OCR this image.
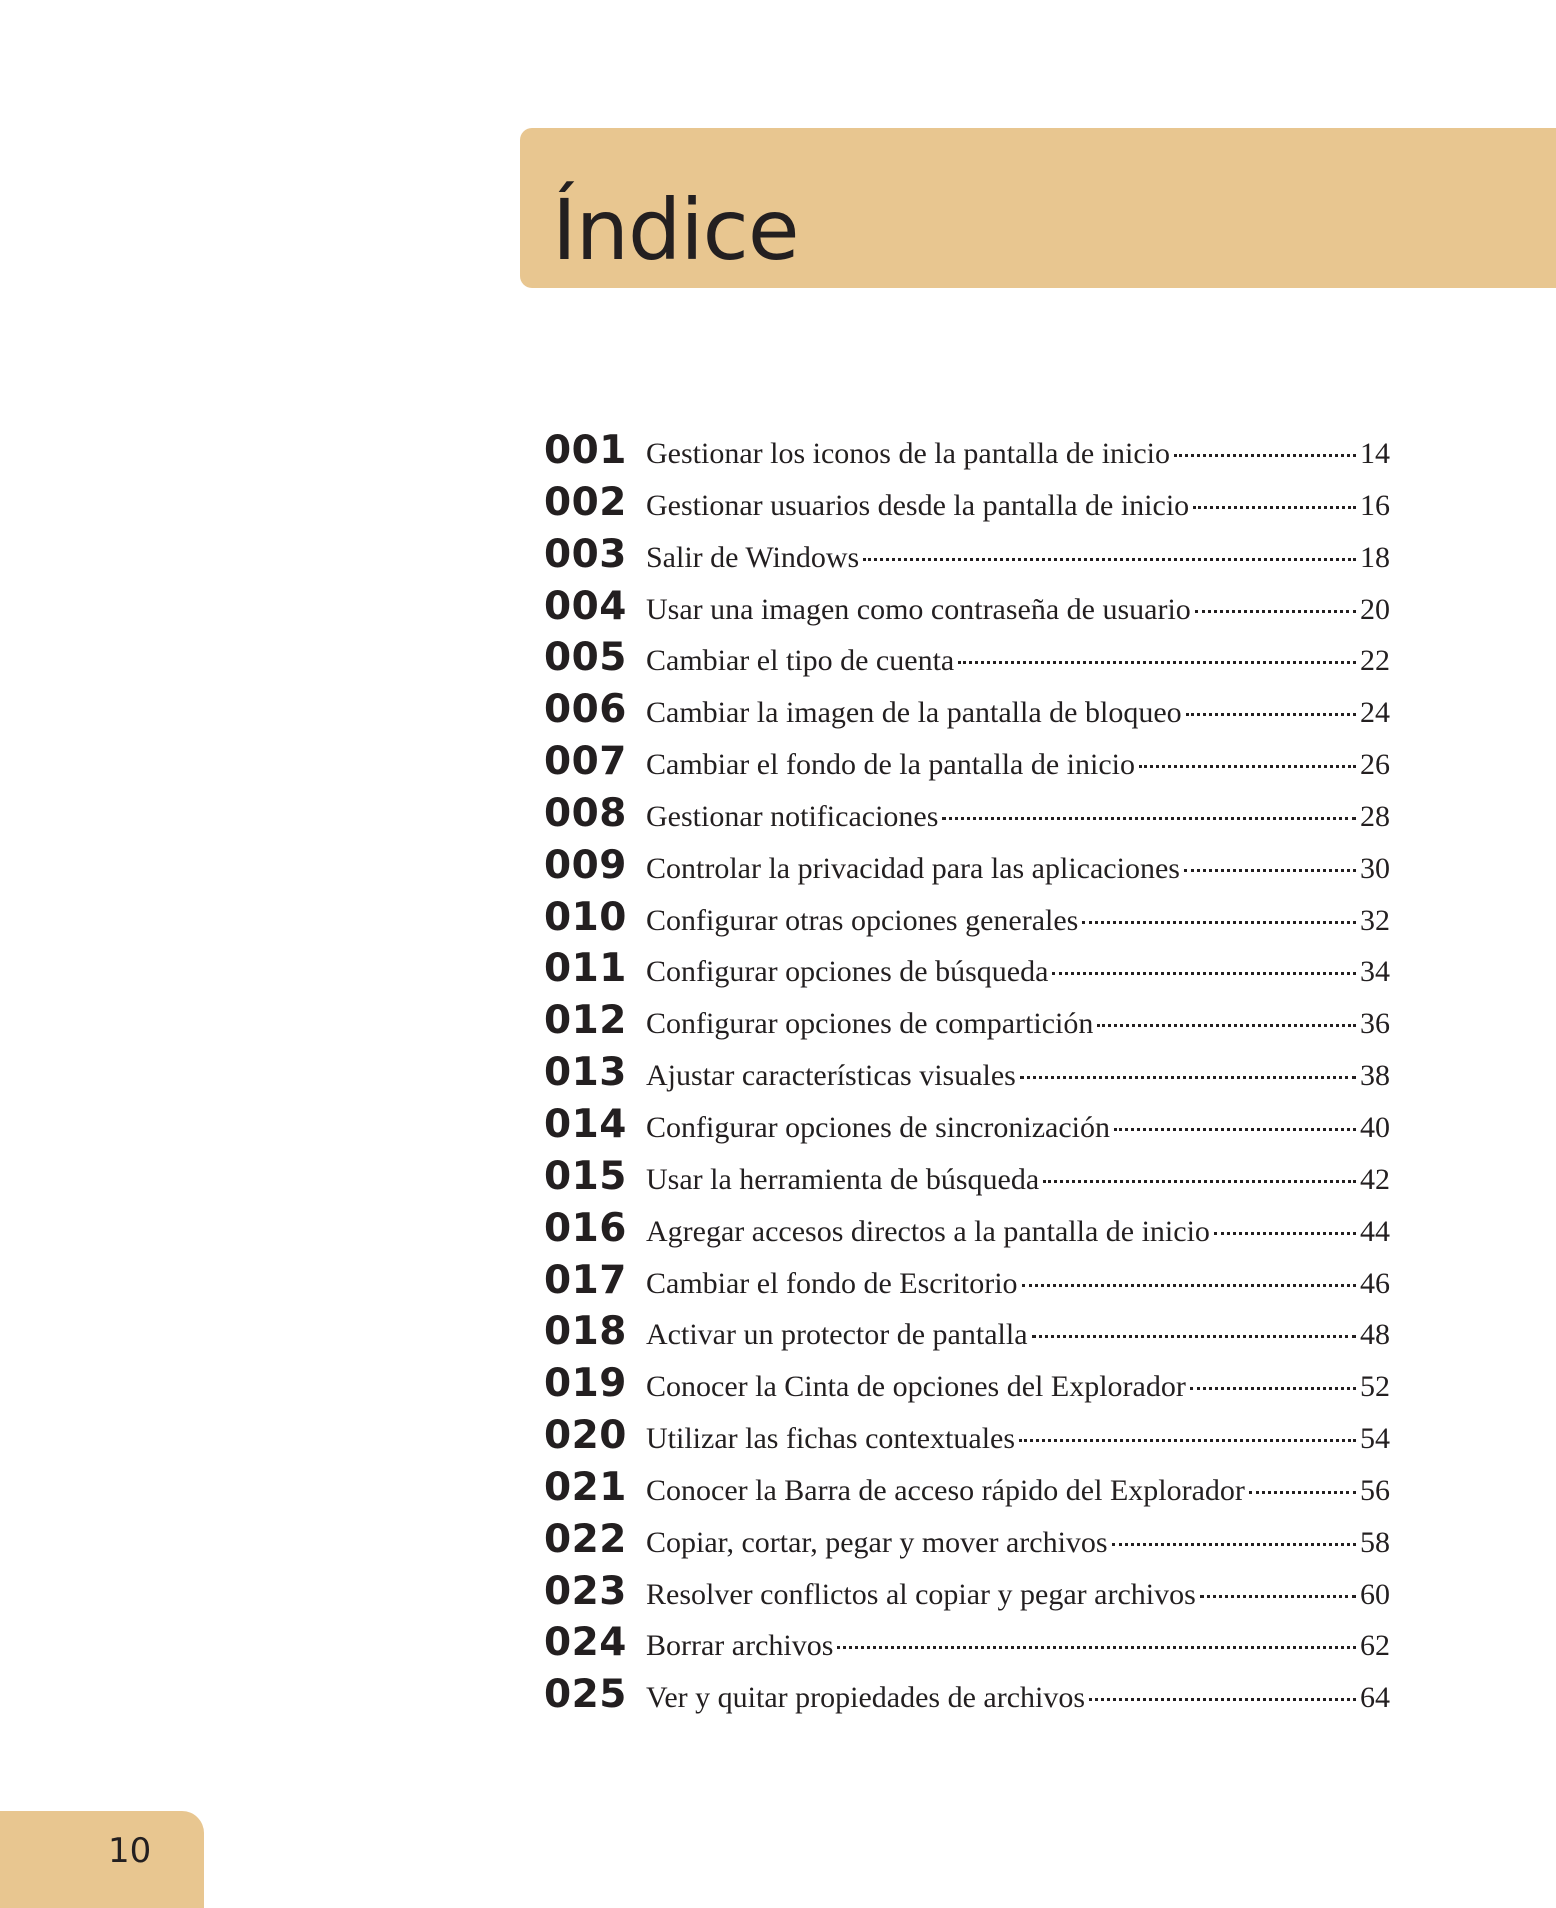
Índice
001 Gestionar los iconos de la pantalla de inicio	14
002 Gestionar usuarios desde la pantalla de inicio	16
003 Salir de Windows	18
004 Usar una imagen como contraseña de usuario	20
005 Cambiar el tipo de cuenta	22
006 Cambiar la imagen de la pantalla de bloqueo	24
007 Cambiar el fondo de la pantalla de inicio	26
008 Gestionar notificaciones	28
009 Controlar la privacidad para las aplicaciones	30
010 Configurar otras opciones generales	32
011 Configurar opciones de búsqueda	34
012 Configurar opciones de compartición	36
013 Ajustar características visuales	38
014 Configurar opciones de sincronización	40
015 Usar la herramienta de búsqueda	42
016 Agregar accesos directos a la pantalla de inicio	44
017 Cambiar el fondo de Escritorio	46
018 Activar un protector de pantalla	48
019 Conocer la Cinta de opciones del Explorador	52
020 Utilizar las fichas contextuales	54
021 Conocer la Barra de acceso rápido del Explorador	56
022 Copiar, cortar, pegar y mover archivos	58
023 Resolver conflictos al copiar y pegar archivos	60
024 Borrar archivos	62
025 Ver y quitar propiedades de archivos	64
10
